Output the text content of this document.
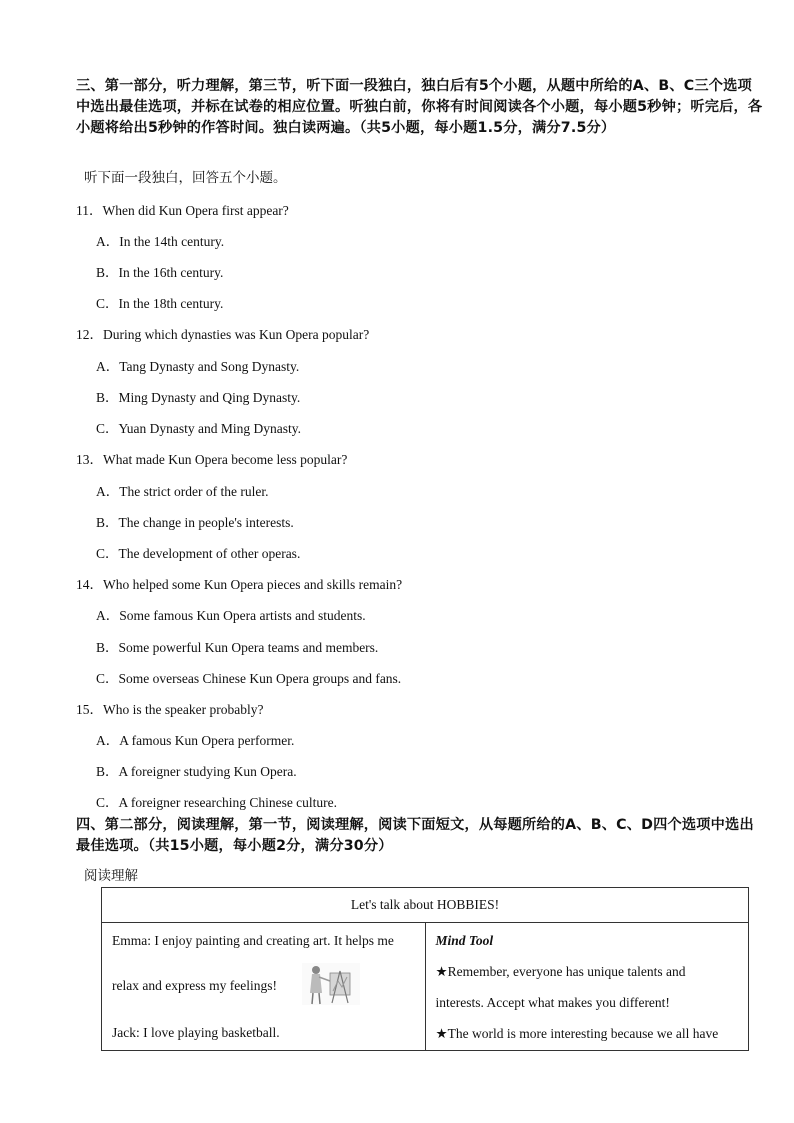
三、第一部分，听力理解，第三节，听下面一段独白，独白后有5个小题，从题中所给的A、B、C三个选项中选出最佳选项，并标在试卷的相应位置。听独白前，你将有时间阅读各个小题，每小题5秒钟；听完后，各小题将给出5秒钟的作答时间。独白读两遍。（共5小题，每小题1.5分，满分7.5分）

听下面一段独白，回答五个小题。
11．When did Kun Opera first appear?
A．In the 14th century.
B．In the 16th century.
C．In the 18th century.
12．During which dynasties was Kun Opera popular?
A．Tang Dynasty and Song Dynasty.
B．Ming Dynasty and Qing Dynasty.
C．Yuan Dynasty and Ming Dynasty.
13．What made Kun Opera become less popular?
A．The strict order of the ruler.
B．The change in people's interests.
C．The development of other operas.
14．Who helped some Kun Opera pieces and skills remain?
A．Some famous Kun Opera artists and students.
B．Some powerful Kun Opera teams and members.
C．Some overseas Chinese Kun Opera groups and fans.
15．Who is the speaker probably?
A．A famous Kun Opera performer.
B．A foreigner studying Kun Opera.
C．A foreigner researching Chinese culture.

四、第二部分，阅读理解，第一节，阅读理解，阅读下面短文，从每题所给的A、B、C、D四个选项中选出最佳选项。（共15小题，每小题2分，满分30分）

阅读理解
Let's talk about HOBBIES!

Emma: I enjoy painting and creating art. It helps me
relax and express my feelings!
Jack: I love playing basketball.

Mind Tool
★Remember, everyone has unique talents and
interests. Accept what makes you different!
★The world is more interesting because we all have
